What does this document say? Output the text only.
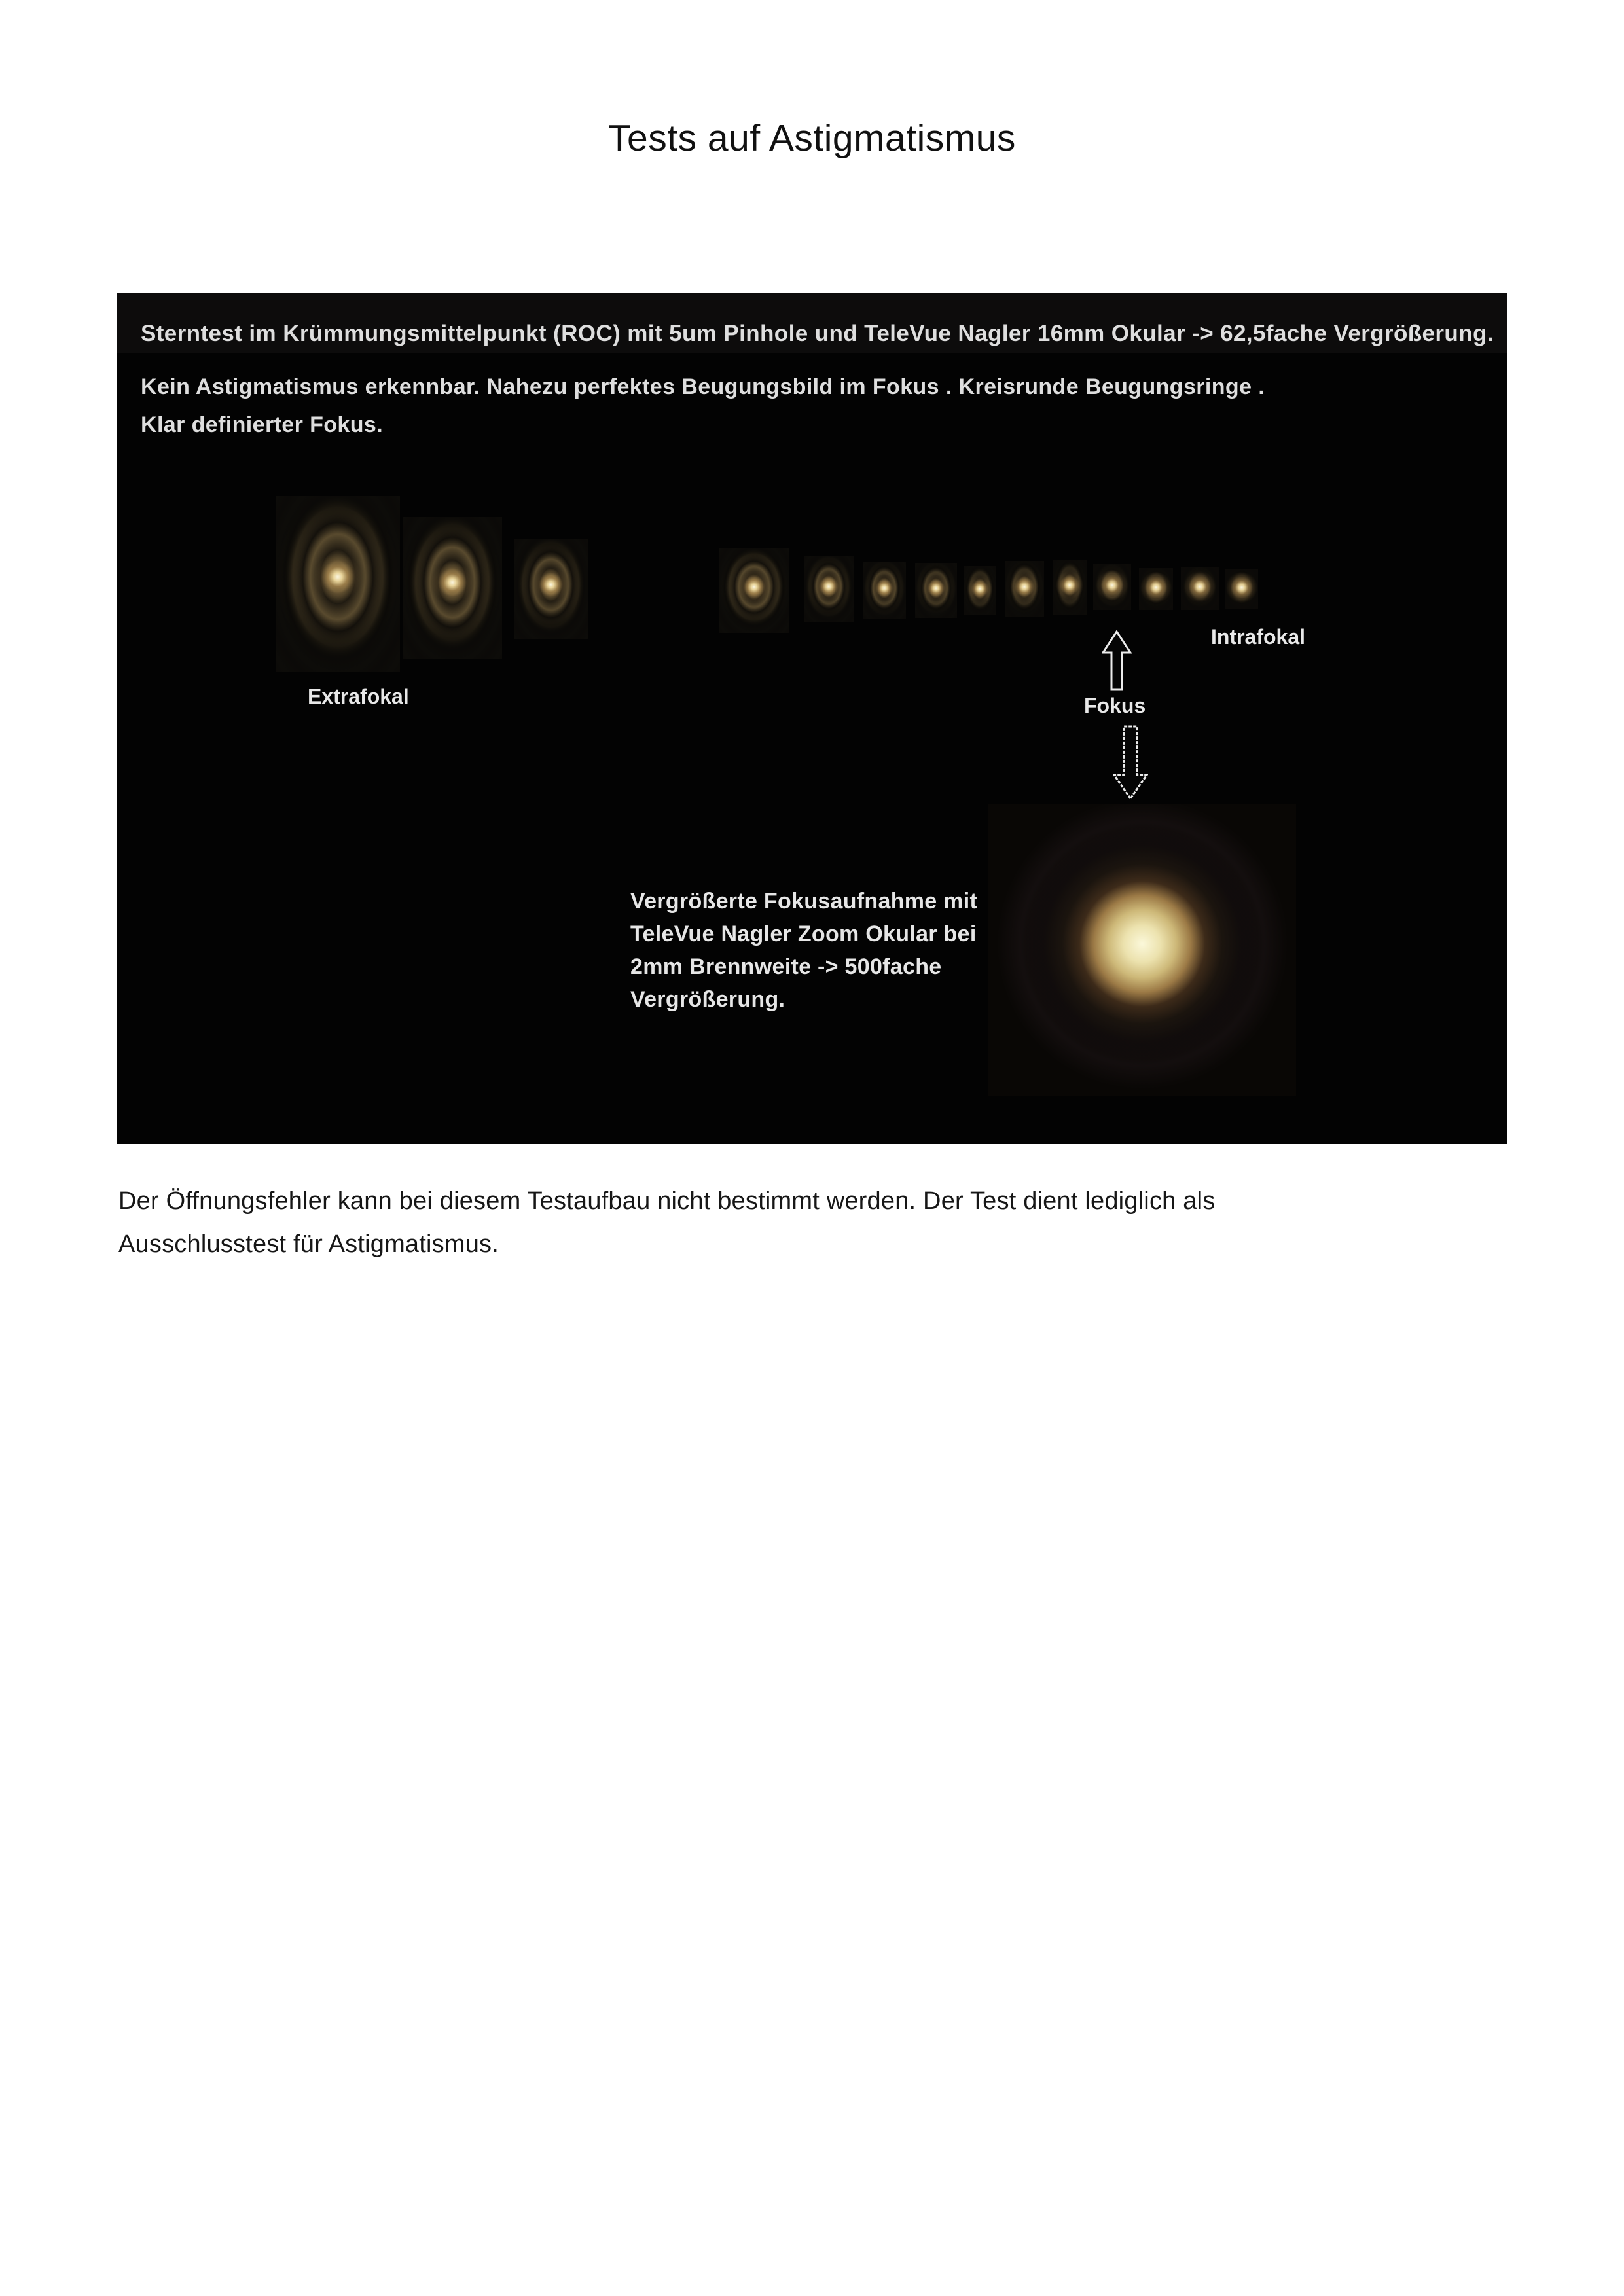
Tests auf Astigmatismus
Sterntest im Krümmungsmittelpunkt (ROC) mit 5um Pinhole und TeleVue Nagler 16mm Okular -> 62,5fache Vergrößerung.
Kein Astigmatismus erkennbar. Nahezu perfektes Beugungsbild im Fokus . Kreisrunde Beugungsringe .
Klar definierter Fokus.
Extrafokal
Intrafokal
Fokus
Vergrößerte Fokusaufnahme mit
TeleVue Nagler Zoom Okular bei
2mm Brennweite -> 500fache
Vergrößerung.
Der Öffnungsfehler kann bei diesem Testaufbau nicht bestimmt werden. Der Test dient lediglich als
Ausschlusstest für Astigmatismus.
